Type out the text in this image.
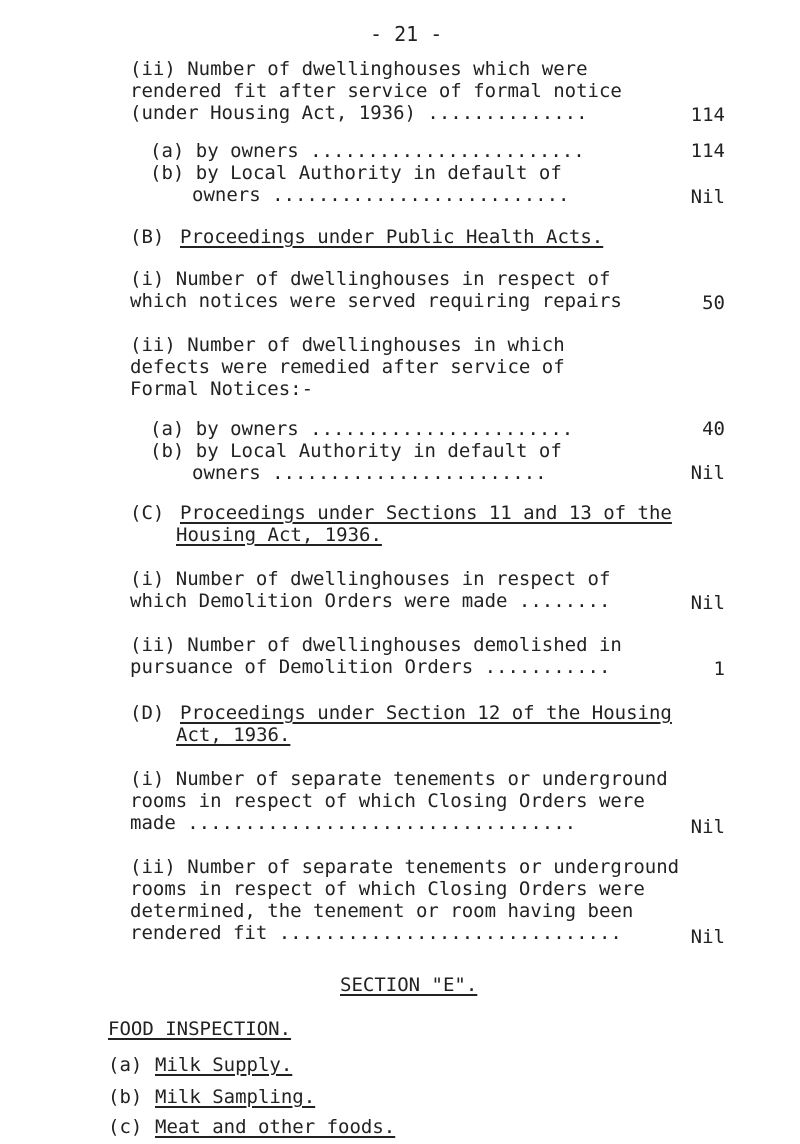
- 21 -
(ii) Number of dwellinghouses which were
rendered fit after service of formal notice
(under Housing Act, 1936) ..............	114
(a) by owners ........................	114
(b) by Local Authority in default of
owners ..........................	Nil
(B) Proceedings under Public Health Acts.
(i) Number of dwellinghouses in respect of
which notices were served requiring repairs	50
(ii) Number of dwellinghouses in which
defects were remedied after service of
Formal Notices:-
(a) by owners .......................	40
(b) by Local Authority in default of
owners ........................	Nil
(C) Proceedings under Sections 11 and 13 of the
Housing Act, 1936.
(i) Number of dwellinghouses in respect of
which Demolition Orders were made ........	Nil
(ii) Number of dwellinghouses demolished in
pursuance of Demolition Orders ...........	1
(D) Proceedings under Section 12 of the Housing
Act, 1936.
(i) Number of separate tenements or underground
rooms in respect of which Closing Orders were
made ..................................	Nil
(ii) Number of separate tenements or underground
rooms in respect of which Closing Orders were
determined, the tenement or room having been
rendered fit ..............................	Nil
SECTION "E".
FOOD INSPECTION.
(a) Milk Supply.
(b) Milk Sampling.
(c) Meat and other foods.
